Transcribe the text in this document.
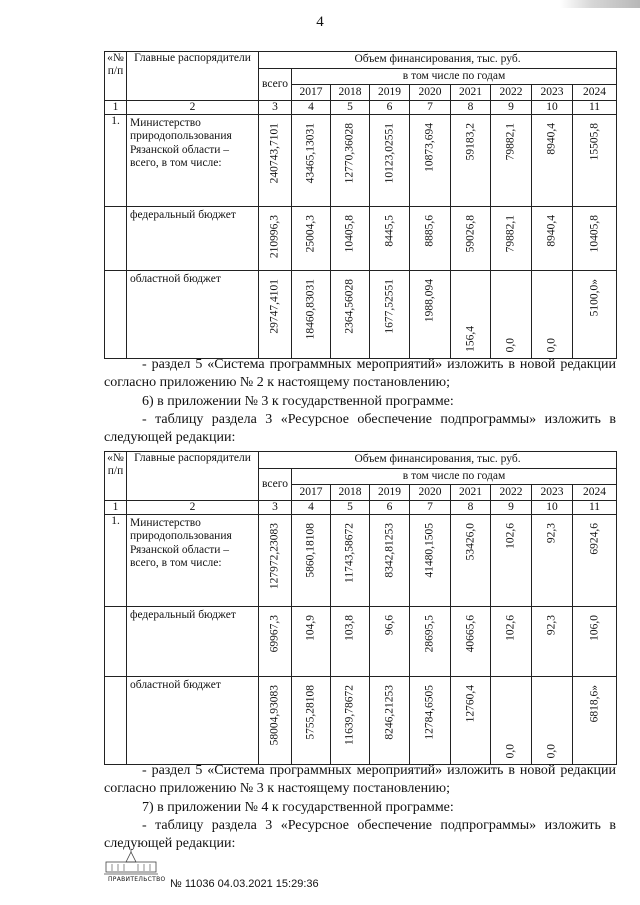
4
«№ п/п	Главные распорядители	Объем финансирования, тыс. руб.								
		всего	в том числе по годам							
			2017	2018	2019	2020	2021	2022	2023	2024
1	2	3	4	5	6	7	8	9	10	11
1.	Министерство природопользования Рязанской области – всего, в том числе:	240743,7101	43465,13031	12770,36028	10123,02551	10873,694	59183,2	79882,1	8940,4	15505,8

	федеральный бюджет	210996,3	25004,3	10405,8	8445,5	8885,6	59026,8	79882,1	8940,4	10405,8

	областной бюджет	29747,4101	18460,83031	2364,56028	1677,52551	1988,094	156,4	0,0	0,0	5100,0»

- раздел 5 «Система программных мероприятий» изложить в новой редакции согласно приложению № 2 к настоящему постановлению;

6) в приложении № 3 к государственной программе:

- таблицу раздела 3 «Ресурсное обеспечение подпрограммы» изложить в следующей редакции:

«№ п/п	Главные распорядители	Объем финансирования, тыс. руб.								
		всего	в том числе по годам							
			2017	2018	2019	2020	2021	2022	2023	2024
1	2	3	4	5	6	7	8	9	10	11
1.	Министерство природопользования Рязанской области – всего, в том числе:	127972,23083	5860,18108	11743,58672	8342,81253	41480,1505	53426,0	102,6	92,3	6924,6

	федеральный бюджет	69967,3	104,9	103,8	96,6	28695,5	40665,6	102,6	92,3	106,0

	областной бюджет	58004,93083	5755,28108	11639,78672	8246,21253	12784,6505	12760,4	0,0	0,0	6818,6»

- раздел 5 «Система программных мероприятий» изложить в новой редакции согласно приложению № 3 к настоящему постановлению;

7) в приложении № 4 к государственной программе:

- таблицу раздела 3 «Ресурсное обеспечение подпрограммы» изложить в следующей редакции:

ПРАВИТЕЛЬСТВО № 11036 04.03.2021 15:29:36
